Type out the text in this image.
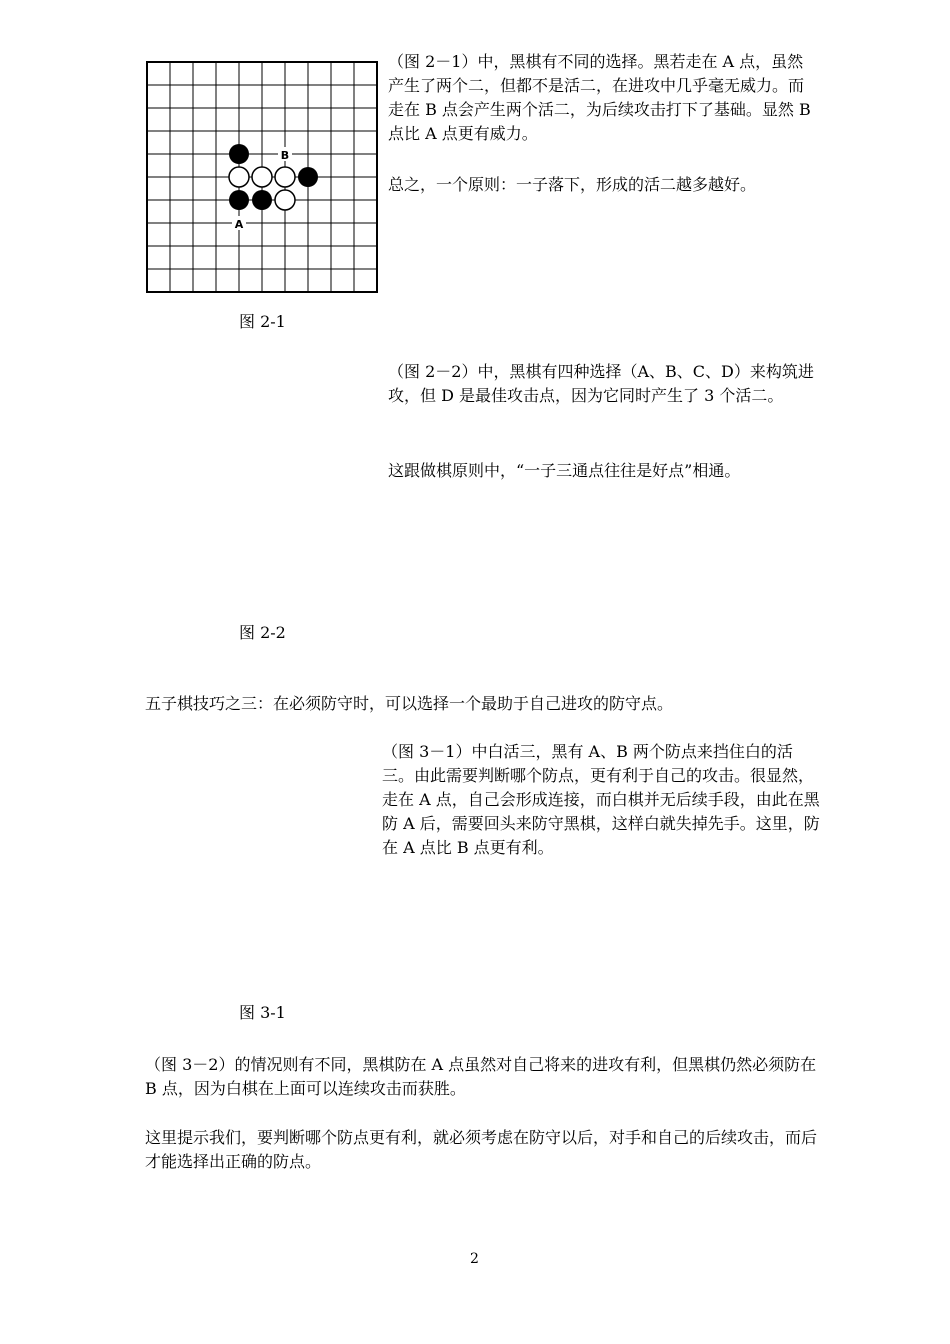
B
A
（图 2－1）中，黑棋有不同的选择。黑若走在 A 点，虽然产生了两个二，但都不是活二，在进攻中几乎毫无威力。而走在 B 点会产生两个活二，为后续攻击打下了基础。显然 B 点比 A 点更有威力。
总之，一个原则：一子落下，形成的活二越多越好。
图 2-1
（图 2－2）中，黑棋有四种选择（A、B、C、D）来构筑进攻，但 D 是最佳攻击点，因为它同时产生了 3 个活二。
这跟做棋原则中，“一子三通点往往是好点”相通。
图 2-2
五子棋技巧之三：在必须防守时，可以选择一个最助于自己进攻的防守点。
（图 3－1）中白活三，黑有 A、B 两个防点来挡住白的活三。由此需要判断哪个防点，更有利于自己的攻击。很显然，走在 A 点，自己会形成连接，而白棋并无后续手段，由此在黑防 A 后，需要回头来防守黑棋，这样白就失掉先手。这里，防在 A 点比 B 点更有利。
图 3-1
（图 3－2）的情况则有不同，黑棋防在 A 点虽然对自己将来的进攻有利，但黑棋仍然必须防在 B 点，因为白棋在上面可以连续攻击而获胜。
这里提示我们，要判断哪个防点更有利，就必须考虑在防守以后，对手和自己的后续攻击，而后才能选择出正确的防点。
2
